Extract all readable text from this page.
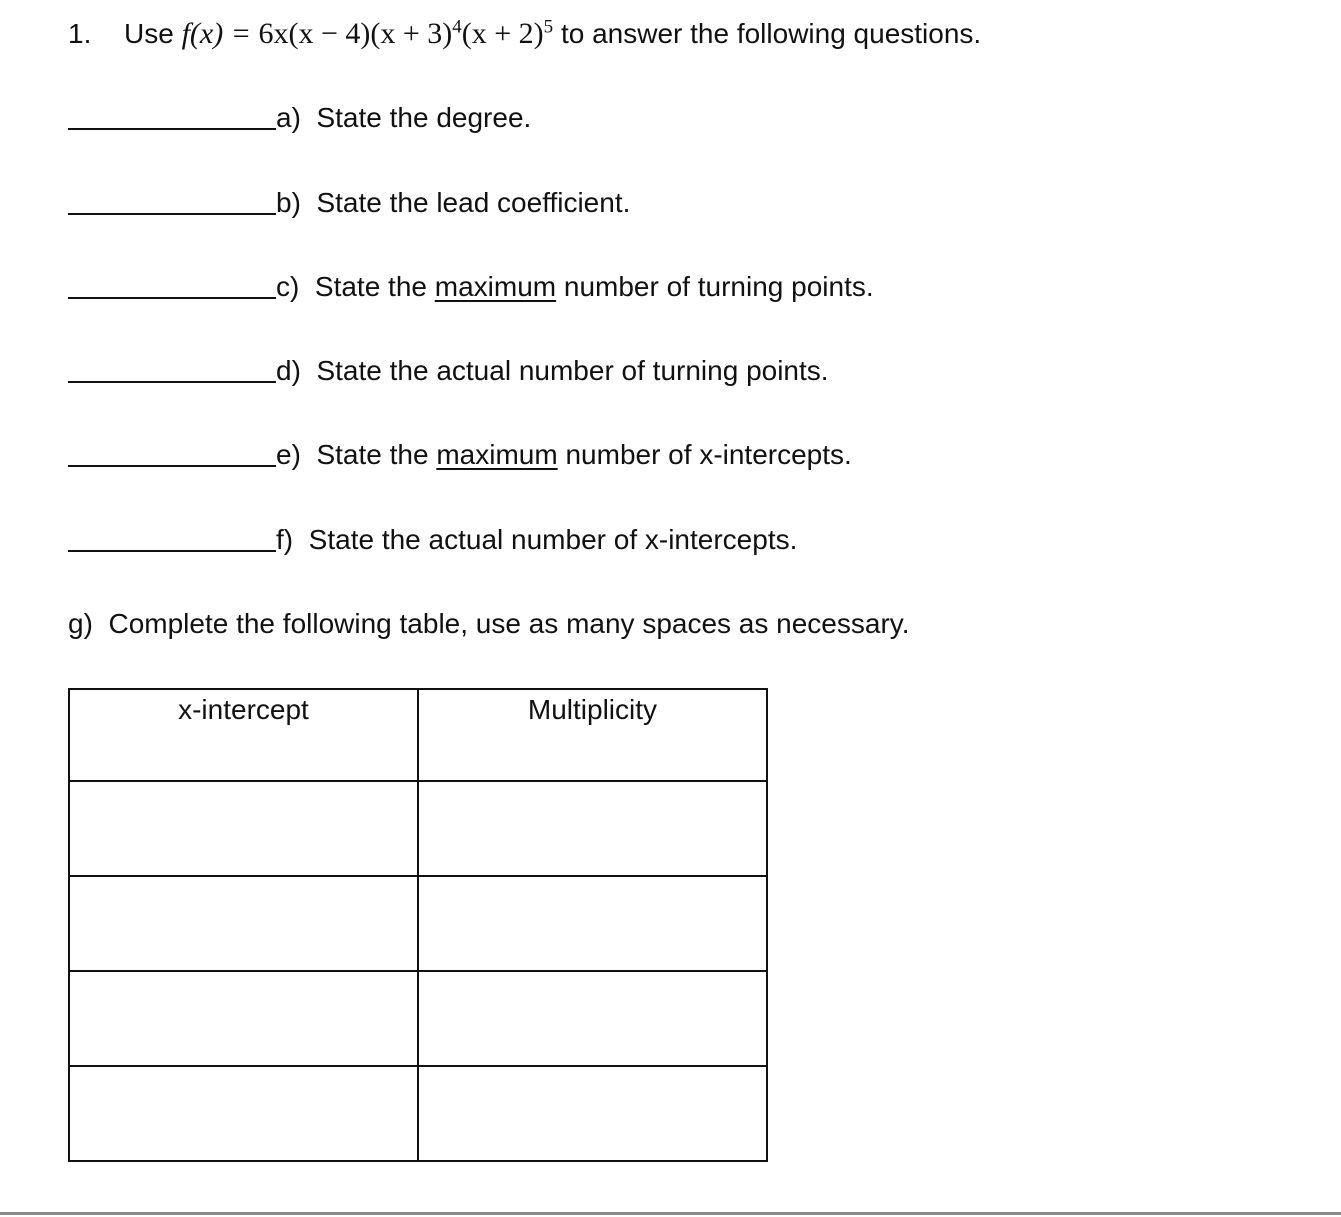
1. Use $f(x) = 6x(x - 4)(x + 3)^4(x + 2)^5$ to answer the following questions.
a) State the degree.
b) State the lead coefficient.
c) State the maximum number of turning points.
d) State the actual number of turning points.
e) State the maximum number of x-intercepts.
f) State the actual number of x-intercepts.
g) Complete the following table, use as many spaces as necessary.
x-intercept	Multiplicity
